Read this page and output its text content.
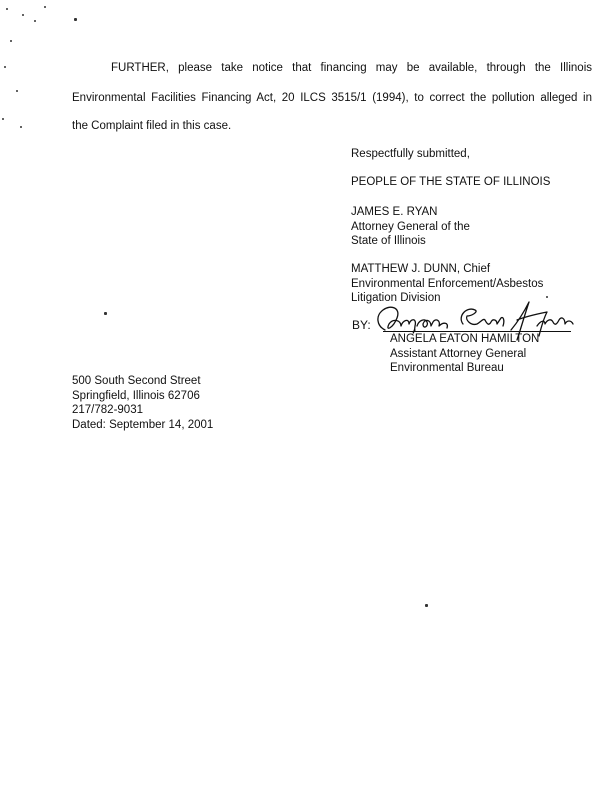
FURTHER, please take notice that financing may be available, through the Illinois
Environmental Facilities Financing Act, 20 ILCS 3515/1 (1994), to correct the pollution alleged in
the Complaint filed in this case.
Respectfully submitted,
PEOPLE OF THE STATE OF ILLINOIS
JAMES E. RYAN
Attorney General of the
State of Illinois
MATTHEW J. DUNN, Chief
Environmental Enforcement/Asbestos
Litigation Division
BY:
ANGELA EATON HAMILTON
Assistant Attorney General
Environmental Bureau
500 South Second Street
Springfield, Illinois 62706
217/782-9031
Dated: September 14, 2001
